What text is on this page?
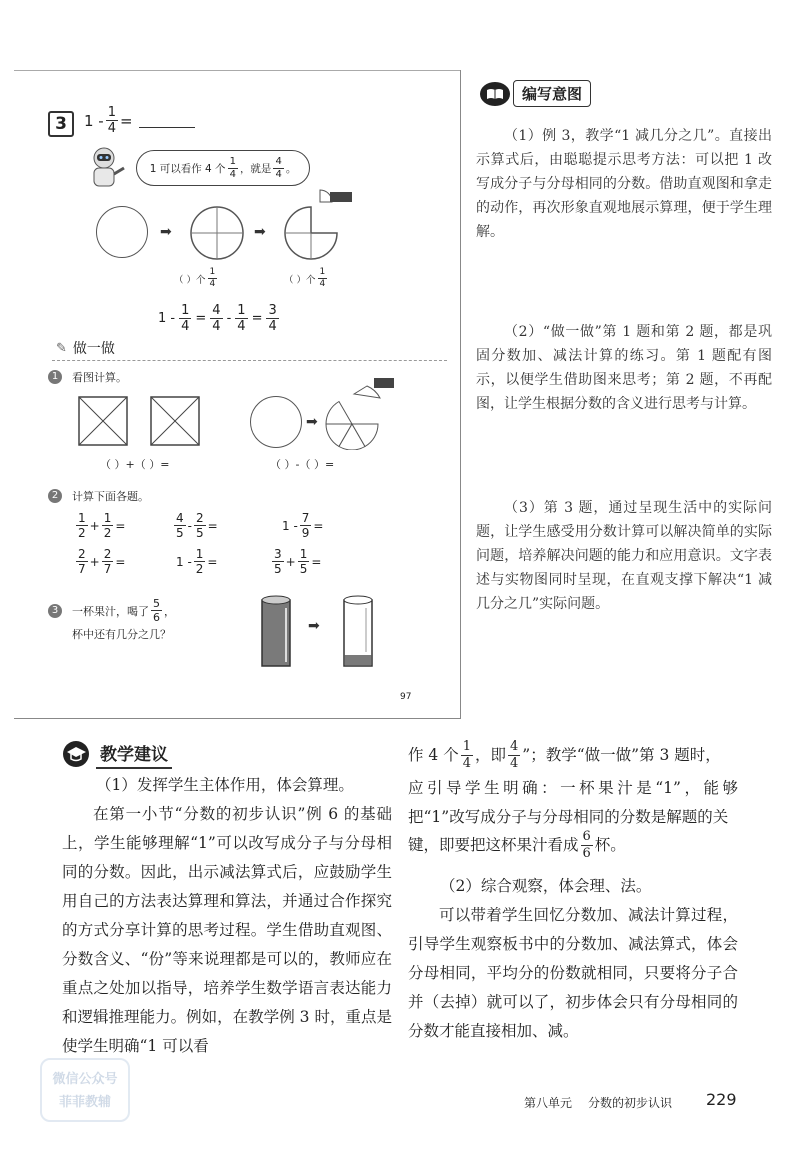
3	$1 - \frac{1}{4}$ =
1 可以看作 4 个 $\frac{1}{4}$ ，就是 $\frac{4}{4}$ 。
➡	➡
（ ）个 $\frac{1}{4}$	（ ）个 $\frac{1}{4}$
$1 - \frac{1}{4} = \frac{4}{4} - \frac{1}{4} = \frac{3}{4}$
✎ 做一做
1	看图计算。
➡
（ ）+（ ）=	（ ）-（ ）=
2	计算下面各题。
$\frac{1}{2} + \frac{1}{2}$ =	$\frac{4}{5} - \frac{2}{5}$ =	$1 - \frac{7}{9}$ =
$\frac{2}{7} + \frac{2}{7}$ =	$1 - \frac{1}{2}$ =	$\frac{3}{5} + \frac{1}{5}$ =
3	一杯果汁，喝了 $\frac{5}{6}$ ，
杯中还有几分之几？
➡
97
编写意图
（1）例 3，教学“1 减几分之几”。直接出示算式后，由聪聪提示思考方法：可以把 1 改写成分子与分母相同的分数。借助直观图和拿走的动作，再次形象直观地展示算理，便于学生理解。
（2）“做一做”第 1 题和第 2 题，都是巩固分数加、减法计算的练习。第 1 题配有图示，以便学生借助图来思考；第 2 题，不再配图，让学生根据分数的含义进行思考与计算。
（3）第 3 题，通过呈现生活中的实际问题，让学生感受用分数计算可以解决简单的实际问题，培养解决问题的能力和应用意识。文字表述与实物图同时呈现，在直观支撑下解决“1 减几分之几”实际问题。
教学建议
（1）发挥学生主体作用，体会算理。
在第一小节“分数的初步认识”例 6 的基础上，学生能够理解“1”可以改写成分子与分母相同的分数。因此，出示减法算式后，应鼓励学生用自己的方法表达算理和算法，并通过合作探究的方式分享计算的思考过程。学生借助直观图、分数含义、“份”等来说理都是可以的，教师应在重点之处加以指导，培养学生数学语言表达能力和逻辑推理能力。例如，在教学例 3 时，重点是使学生明确“1 可以看
作 4 个 $\frac{1}{4}$ ，即 $\frac{4}{4}$ ”；教学“做一做”第 3 题时，
应引导学生明确：一杯果汁是“1”，能够把“1”改写成分子与分母相同的分数是解题的关
键，即要把这杯果汁看成 $\frac{6}{6}$ 杯。
（2）综合观察，体会理、法。
可以带着学生回忆分数加、减法计算过程，引导学生观察板书中的分数加、减法算式，体会分母相同，平均分的份数就相同，只要将分子合并（去掉）就可以了，初步体会只有分母相同的分数才能直接相加、减。
微信公众号
菲菲教辅	第八单元 分数的初步认识 229
